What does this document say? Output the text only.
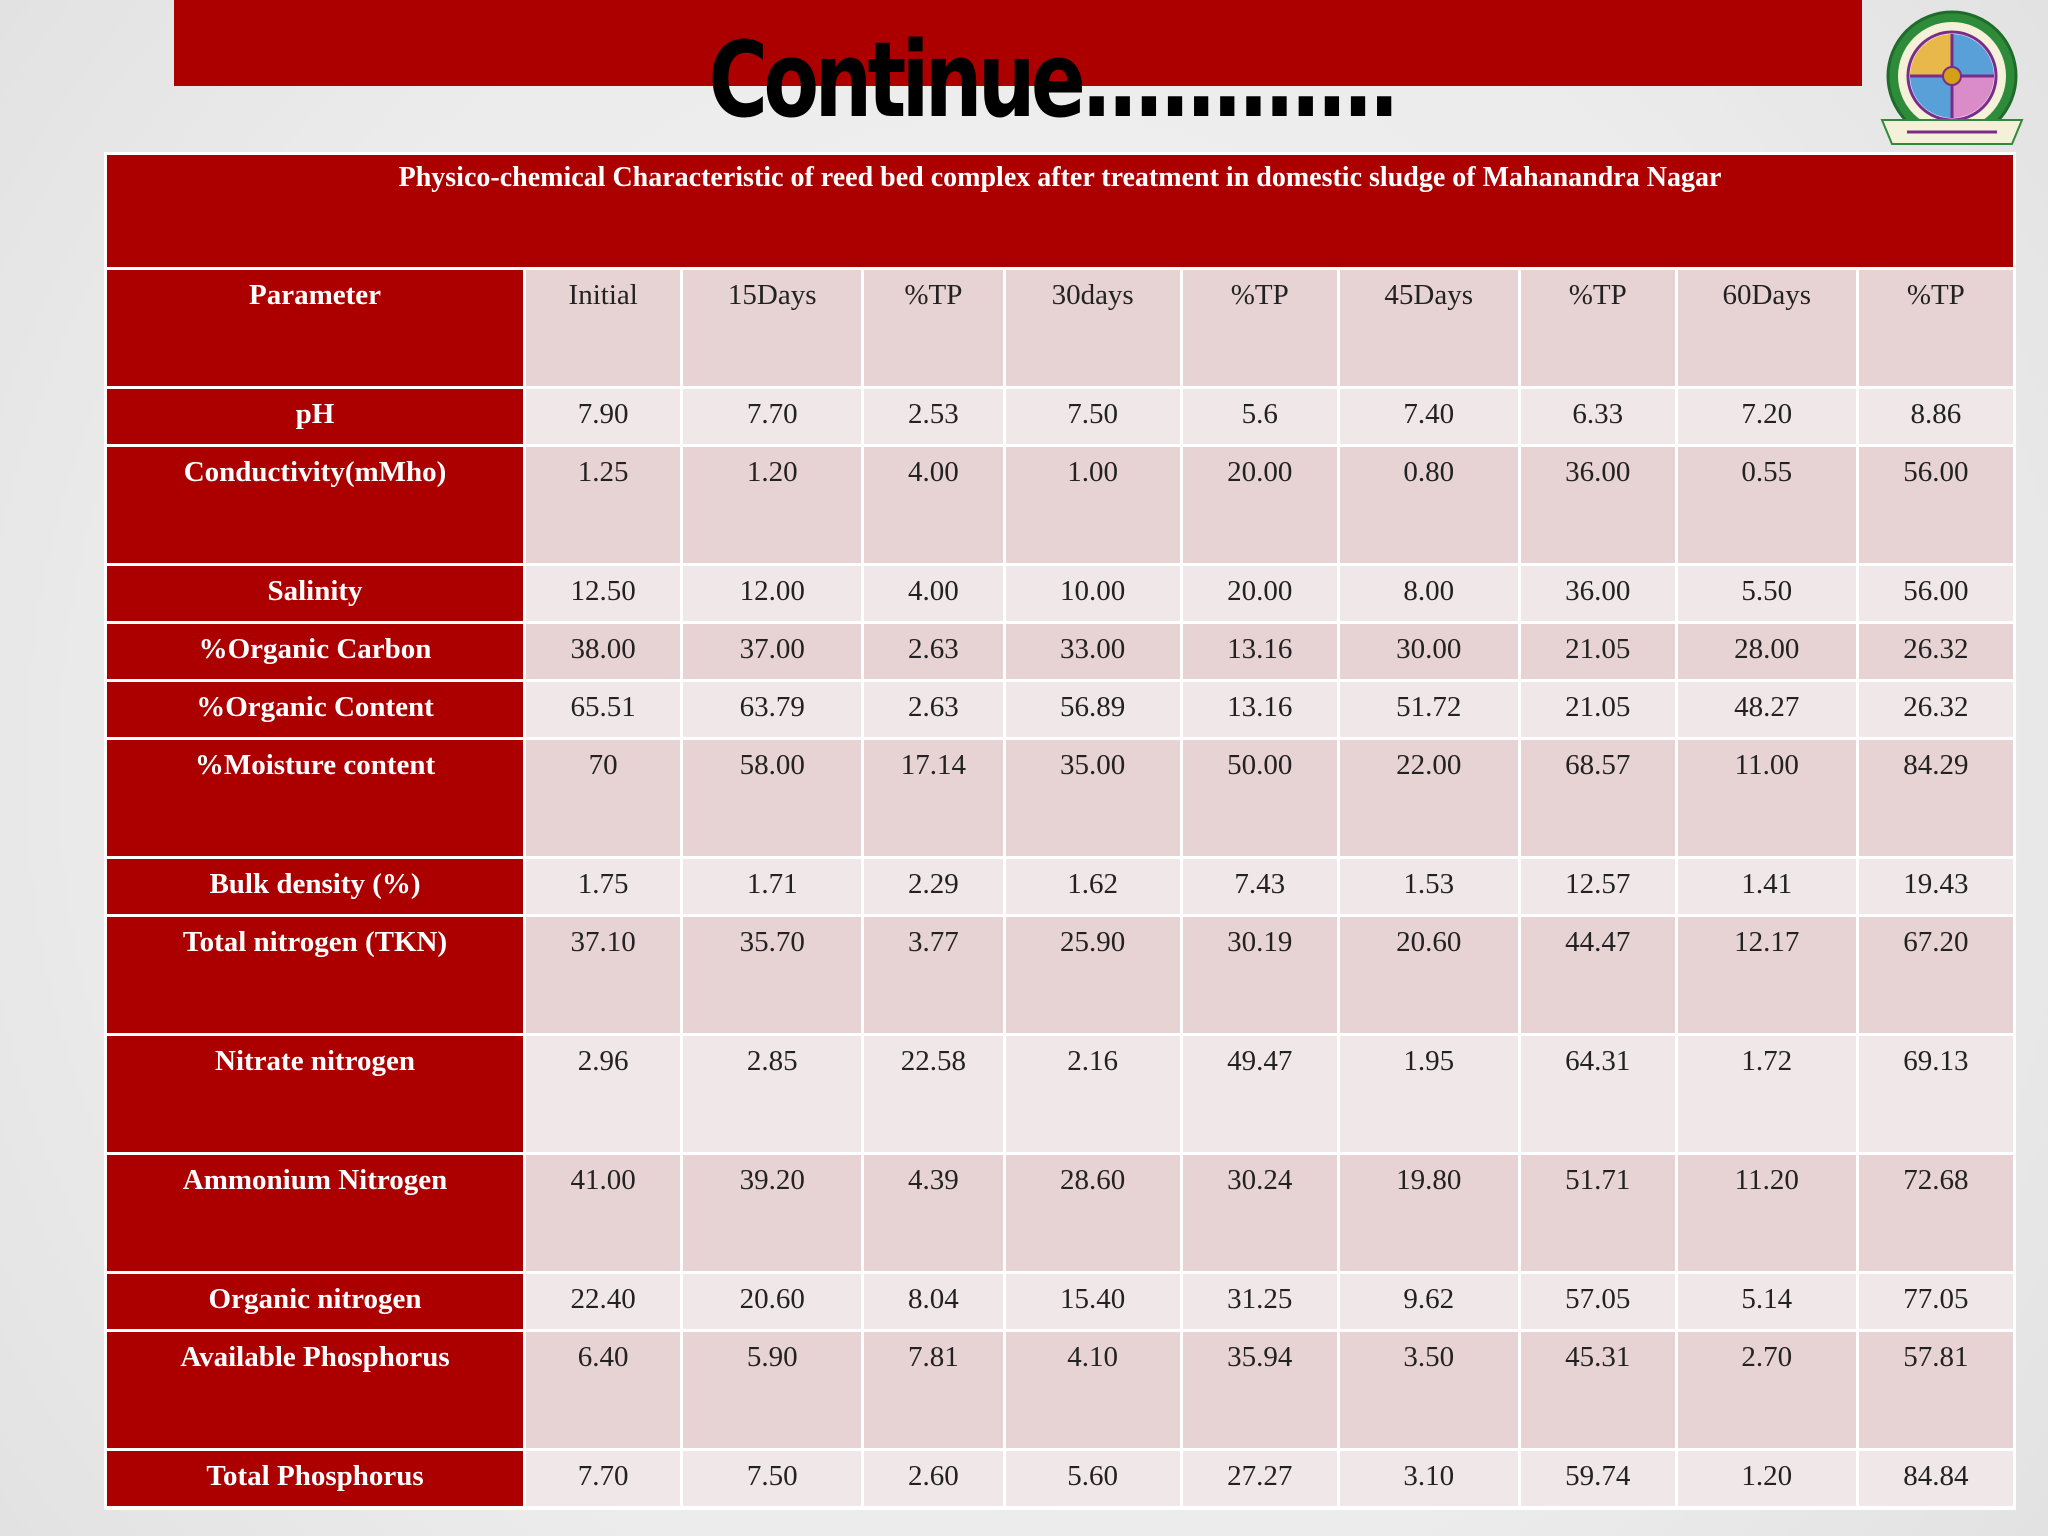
Continue............
Physico-chemical Characteristic of reed bed complex after treatment in domestic sludge of Mahanandra Nagar									
Parameter	Initial	15Days	%TP	30days	%TP	45Days	%TP	60Days	%TP
pH	7.90	7.70	2.53	7.50	5.6	7.40	6.33	7.20	8.86
Conductivity(mMho)	1.25	1.20	4.00	1.00	20.00	0.80	36.00	0.55	56.00
Salinity	12.50	12.00	4.00	10.00	20.00	8.00	36.00	5.50	56.00
%Organic Carbon	38.00	37.00	2.63	33.00	13.16	30.00	21.05	28.00	26.32
%Organic Content	65.51	63.79	2.63	56.89	13.16	51.72	21.05	48.27	26.32
%Moisture content	70	58.00	17.14	35.00	50.00	22.00	68.57	11.00	84.29
Bulk density (%)	1.75	1.71	2.29	1.62	7.43	1.53	12.57	1.41	19.43
Total nitrogen (TKN)	37.10	35.70	3.77	25.90	30.19	20.60	44.47	12.17	67.20
Nitrate nitrogen	2.96	2.85	22.58	2.16	49.47	1.95	64.31	1.72	69.13
Ammonium Nitrogen	41.00	39.20	4.39	28.60	30.24	19.80	51.71	11.20	72.68
Organic nitrogen	22.40	20.60	8.04	15.40	31.25	9.62	57.05	5.14	77.05
Available Phosphorus	6.40	5.90	7.81	4.10	35.94	3.50	45.31	2.70	57.81
Total Phosphorus	7.70	7.50	2.60	5.60	27.27	3.10	59.74	1.20	84.84
